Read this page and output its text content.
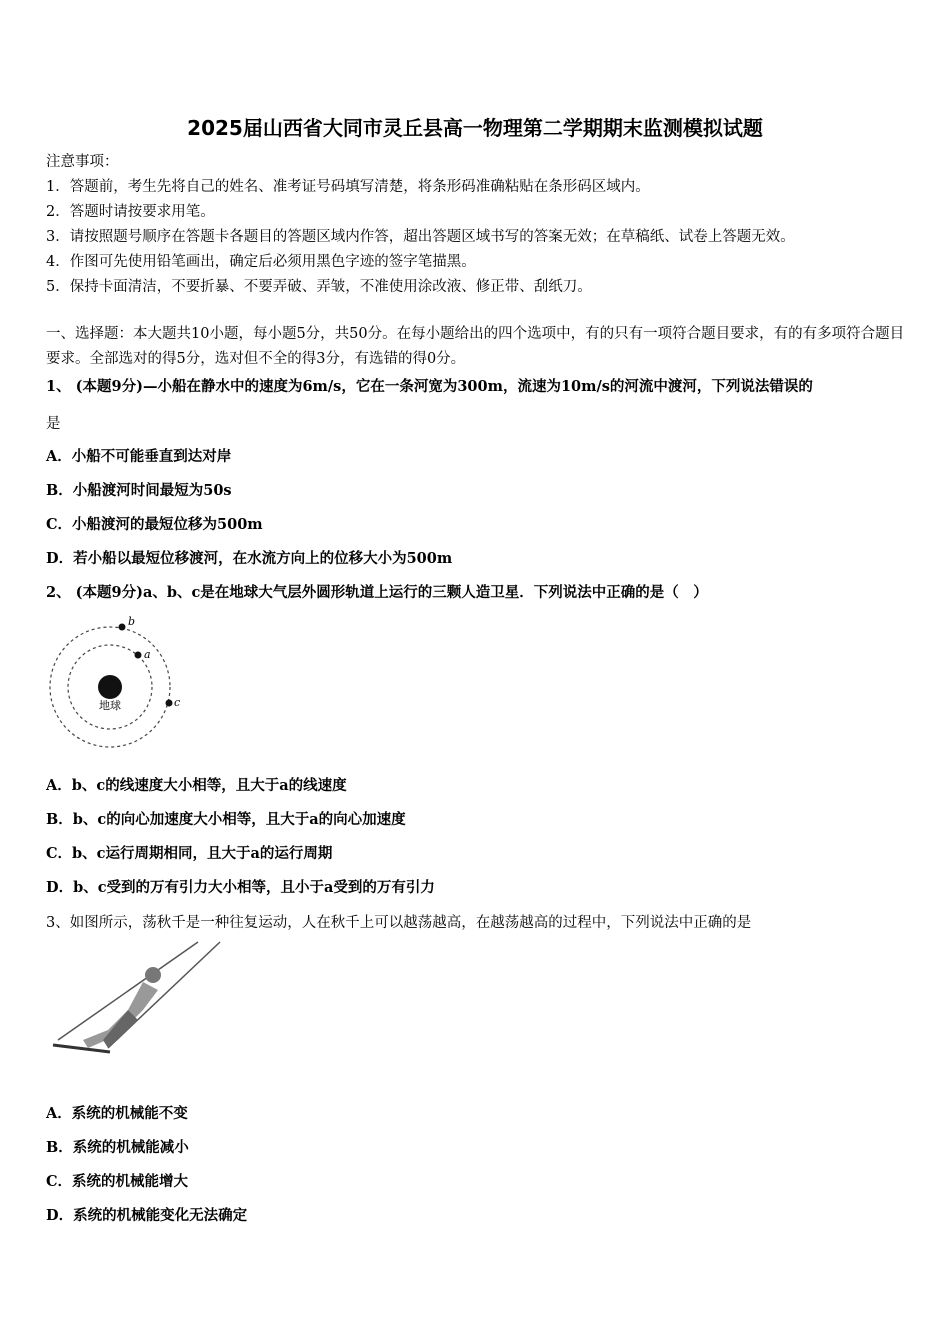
2025届山西省大同市灵丘县高一物理第二学期期末监测模拟试题
注意事项：
1．答题前，考生先将自己的姓名、准考证号码填写清楚，将条形码准确粘贴在条形码区域内。
2．答题时请按要求用笔。
3．请按照题号顺序在答题卡各题目的答题区域内作答，超出答题区域书写的答案无效；在草稿纸、试卷上答题无效。
4．作图可先使用铅笔画出，确定后必须用黑色字迹的签字笔描黑。
5．保持卡面清洁，不要折暴、不要弄破、弄皱，不准使用涂改液、修正带、刮纸刀。
一、选择题：本大题共10小题，每小题5分，共50分。在每小题给出的四个选项中，有的只有一项符合题目要求，有的有多项符合题目要求。全部选对的得5分，选对但不全的得3分，有选错的得0分。
1、 (本题9分)—小船在静水中的速度为6m/s，它在一条河宽为300m，流速为10m/s的河流中渡河，下列说法错误的
是
A．小船不可能垂直到达对岸
B．小船渡河时间最短为50s
C．小船渡河的最短位移为500m
D．若小船以最短位移渡河，在水流方向上的位移大小为500m
2、 (本题9分)a、b、c是在地球大气层外圆形轨道上运行的三颗人造卫星．下列说法中正确的是（　）
地球
b
a
c
A．b、c的线速度大小相等，且大于a的线速度
B．b、c的向心加速度大小相等，且大于a的向心加速度
C．b、c运行周期相同，且大于a的运行周期
D．b、c受到的万有引力大小相等，且小于a受到的万有引力
3、如图所示，荡秋千是一种往复运动，人在秋千上可以越荡越高，在越荡越高的过程中，下列说法中正确的是
A．系统的机械能不变
B．系统的机械能减小
C．系统的机械能增大
D．系统的机械能变化无法确定
